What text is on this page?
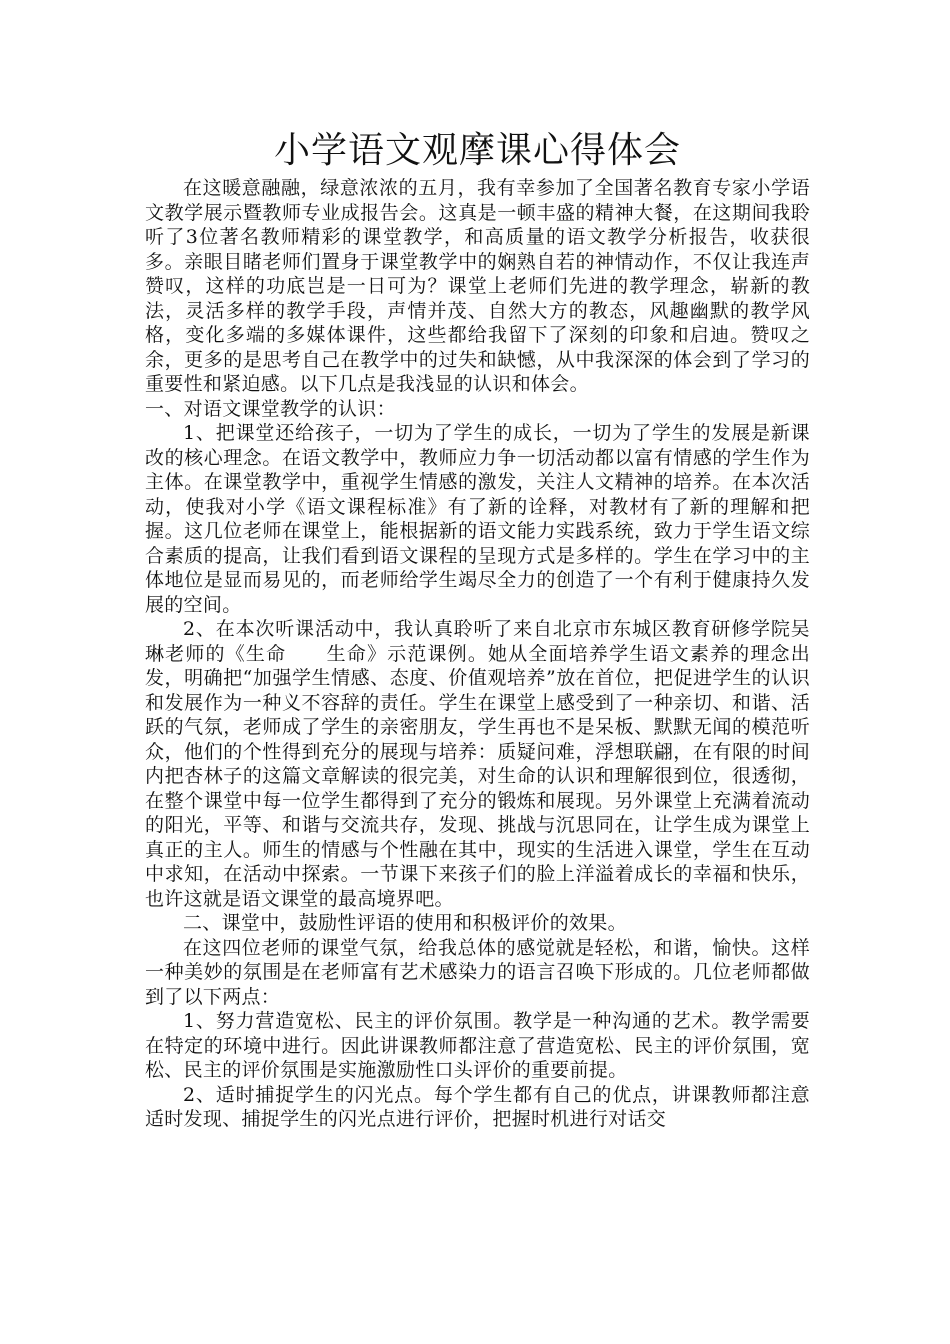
小学语文观摩课心得体会

在这暖意融融，绿意浓浓的五月，我有幸参加了全国著名教育专家小学语文教学展示暨教师专业成报告会。这真是一顿丰盛的精神大餐，在这期间我聆听了3位著名教师精彩的课堂教学，和高质量的语文教学分析报告，收获很多。亲眼目睹老师们置身于课堂教学中的娴熟自若的神情动作，不仅让我连声赞叹，这样的功底岂是一日可为？课堂上老师们先进的教学理念，崭新的教法，灵活多样的教学手段，声情并茂、自然大方的教态，风趣幽默的教学风格，变化多端的多媒体课件，这些都给我留下了深刻的印象和启迪。赞叹之余，更多的是思考自己在教学中的过失和缺憾，从中我深深的体会到了学习的重要性和紧迫感。以下几点是我浅显的认识和体会。

一、对语文课堂教学的认识：

1、把课堂还给孩子，一切为了学生的成长，一切为了学生的发展是新课改的核心理念。在语文教学中，教师应力争一切活动都以富有情感的学生作为主体。在课堂教学中，重视学生情感的激发，关注人文精神的培养。在本次活动，使我对小学《语文课程标准》有了新的诠释，对教材有了新的理解和把握。这几位老师在课堂上，能根据新的语文能力实践系统，致力于学生语文综合素质的提高，让我们看到语文课程的呈现方式是多样的。学生在学习中的主体地位是显而易见的，而老师给学生竭尽全力的创造了一个有利于健康持久发展的空间。

2、在本次听课活动中，我认真聆听了来自北京市东城区教育研修学院吴琳老师的《生命　　生命》示范课例。她从全面培养学生语文素养的理念出发，明确把“加强学生情感、态度、价值观培养”放在首位，把促进学生的认识和发展作为一种义不容辞的责任。学生在课堂上感受到了一种亲切、和谐、活跃的气氛，老师成了学生的亲密朋友，学生再也不是呆板、默默无闻的模范听众，他们的个性得到充分的展现与培养：质疑问难，浮想联翩，在有限的时间内把杏林子的这篇文章解读的很完美，对生命的认识和理解很到位，很透彻，在整个课堂中每一位学生都得到了充分的锻炼和展现。另外课堂上充满着流动的阳光，平等、和谐与交流共存，发现、挑战与沉思同在，让学生成为课堂上真正的主人。师生的情感与个性融在其中，现实的生活进入课堂，学生在互动中求知，在活动中探索。一节课下来孩子们的脸上洋溢着成长的幸福和快乐，也许这就是语文课堂的最高境界吧。

二、课堂中，鼓励性评语的使用和积极评价的效果。

在这四位老师的课堂气氛，给我总体的感觉就是轻松，和谐，愉快。这样一种美妙的氛围是在老师富有艺术感染力的语言召唤下形成的。几位老师都做到了以下两点：

1、努力营造宽松、民主的评价氛围。教学是一种沟通的艺术。教学需要在特定的环境中进行。因此讲课教师都注意了营造宽松、民主的评价氛围，宽松、民主的评价氛围是实施激励性口头评价的重要前提。

2、适时捕捉学生的闪光点。每个学生都有自己的优点，讲课教师都注意适时发现、捕捉学生的闪光点进行评价，把握时机进行对话交
